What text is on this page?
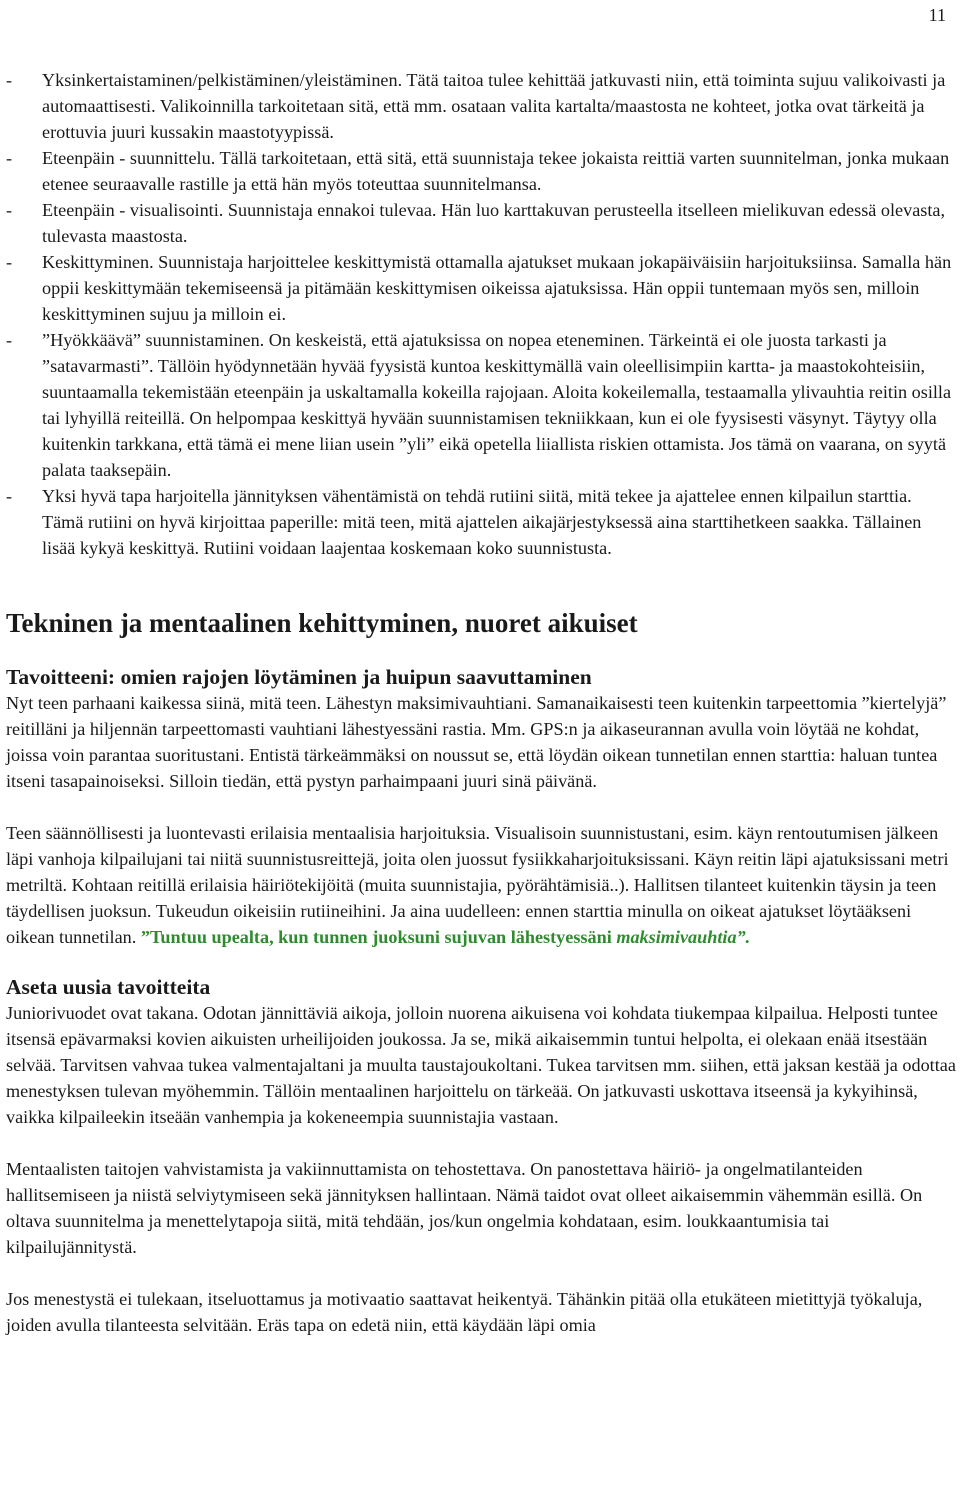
11
- Yksinkertaistaminen/pelkistäminen/yleistäminen. Tätä taitoa tulee kehittää jatkuvasti niin, että toiminta sujuu valikoivasti ja automaattisesti. Valikoinnilla tarkoitetaan sitä, että mm. osataan valita kartalta/maastosta ne kohteet, jotka ovat tärkeitä ja erottuvia juuri kussakin maastotyypissä.
- Eteenpäin - suunnittelu. Tällä tarkoitetaan, että sitä, että suunnistaja tekee jokaista reittiä varten suunnitelman, jonka mukaan etenee seuraavalle rastille ja että hän myös toteuttaa suunnitelmansa.
- Eteenpäin - visualisointi. Suunnistaja ennakoi tulevaa. Hän luo karttakuvan perusteella itselleen mielikuvan edessä olevasta, tulevasta maastosta.
- Keskittyminen. Suunnistaja harjoittelee keskittymistä ottamalla ajatukset mukaan jokapäiväisiin harjoituksiinsa. Samalla hän oppii keskittymään tekemiseensä ja pitämään keskittymisen oikeissa ajatuksissa. Hän oppii tuntemaan myös sen, milloin keskittyminen sujuu ja milloin ei.
- ”Hyökkäävä” suunnistaminen. On keskeistä, että ajatuksissa on nopea eteneminen. Tärkeintä ei ole juosta tarkasti ja ”satavarmasti”. Tällöin hyödynnetään hyvää fyysistä kuntoa keskittymällä vain oleellisimpiin kartta- ja maastokohteisiin, suuntaamalla tekemistään eteenpäin ja uskaltamalla kokeilla rajojaan. Aloita kokeilemalla, testaamalla ylivauhtia reitin osilla tai lyhyillä reiteillä. On helpompaa keskittyä hyvään suunnistamisen tekniikkaan, kun ei ole fyysisesti väsynyt. Täytyy olla kuitenkin tarkkana, että tämä ei mene liian usein ”yli” eikä opetella liiallista riskien ottamista. Jos tämä on vaarana, on syytä palata taaksepäin.
- Yksi hyvä tapa harjoitella jännityksen vähentämistä on tehdä rutiini siitä, mitä tekee ja ajattelee ennen kilpailun starttia. Tämä rutiini on hyvä kirjoittaa paperille: mitä teen, mitä ajattelen aikajärjestyksessä aina starttihetkeen saakka. Tällainen lisää kykyä keskittyä. Rutiini voidaan laajentaa koskemaan koko suunnistusta.
Tekninen ja mentaalinen kehittyminen, nuoret aikuiset
Tavoitteeni: omien rajojen löytäminen ja huipun saavuttaminen

Nyt teen parhaani kaikessa siinä, mitä teen. Lähestyn maksimivauhtiani. Samanaikaisesti teen kuitenkin tarpeettomia ”kiertelyjä” reitilläni ja hiljennän tarpeettomasti vauhtiani lähestyessäni rastia. Mm. GPS:n ja aikaseurannan avulla voin löytää ne kohdat, joissa voin parantaa suoritustani. Entistä tärkeämmäksi on noussut se, että löydän oikean tunnetilan ennen starttia: haluan tuntea itseni tasapainoiseksi. Silloin tiedän, että pystyn parhaimpaani juuri sinä päivänä.

Teen säännöllisesti ja luontevasti erilaisia mentaalisia harjoituksia. Visualisoin suunnistustani, esim. käyn rentoutumisen jälkeen läpi vanhoja kilpailujani tai niitä suunnistusreittejä, joita olen juossut fysiikkaharjoituksissani. Käyn reitin läpi ajatuksissani metri metriltä. Kohtaan reitillä erilaisia häiriötekijöitä (muita suunnistajia, pyörähtämisiä..). Hallitsen tilanteet kuitenkin täysin ja teen täydellisen juoksun. Tukeudun oikeisiin rutiineihini. Ja aina uudelleen: ennen starttia minulla on oikeat ajatukset löytääkseni oikean tunnetilan. ”Tuntuu upealta, kun tunnen juoksuni sujuvan lähestyessäni maksimivauhtia”.

Aseta uusia tavoitteita

Juniorivuodet ovat takana. Odotan jännittäviä aikoja, jolloin nuorena aikuisena voi kohdata tiukempaa kilpailua. Helposti tuntee itsensä epävarmaksi kovien aikuisten urheilijoiden joukossa. Ja se, mikä aikaisemmin tuntui helpolta, ei olekaan enää itsestään selvää. Tarvitsen vahvaa tukea valmentajaltani ja muulta taustajoukoltani. Tukea tarvitsen mm. siihen, että jaksan kestää ja odottaa menestyksen tulevan myöhemmin. Tällöin mentaalinen harjoittelu on tärkeää. On jatkuvasti uskottava itseensä ja kykyihinsä, vaikka kilpaileekin itseään vanhempia ja kokeneempia suunnistajia vastaan.

Mentaalisten taitojen vahvistamista ja vakiinnuttamista on tehostettava. On panostettava häiriö- ja ongelmatilanteiden hallitsemiseen ja niistä selviytymiseen sekä jännityksen hallintaan. Nämä taidot ovat olleet aikaisemmin vähemmän esillä. On oltava suunnitelma ja menettelytapoja siitä, mitä tehdään, jos/kun ongelmia kohdataan, esim. loukkaantumisia tai kilpailujännitystä.

Jos menestystä ei tulekaan, itseluottamus ja motivaatio saattavat heikentyä. Tähänkin pitää olla etukäteen mietittyjä työkaluja, joiden avulla tilanteesta selvitään. Eräs tapa on edetä niin, että käydään läpi omia
